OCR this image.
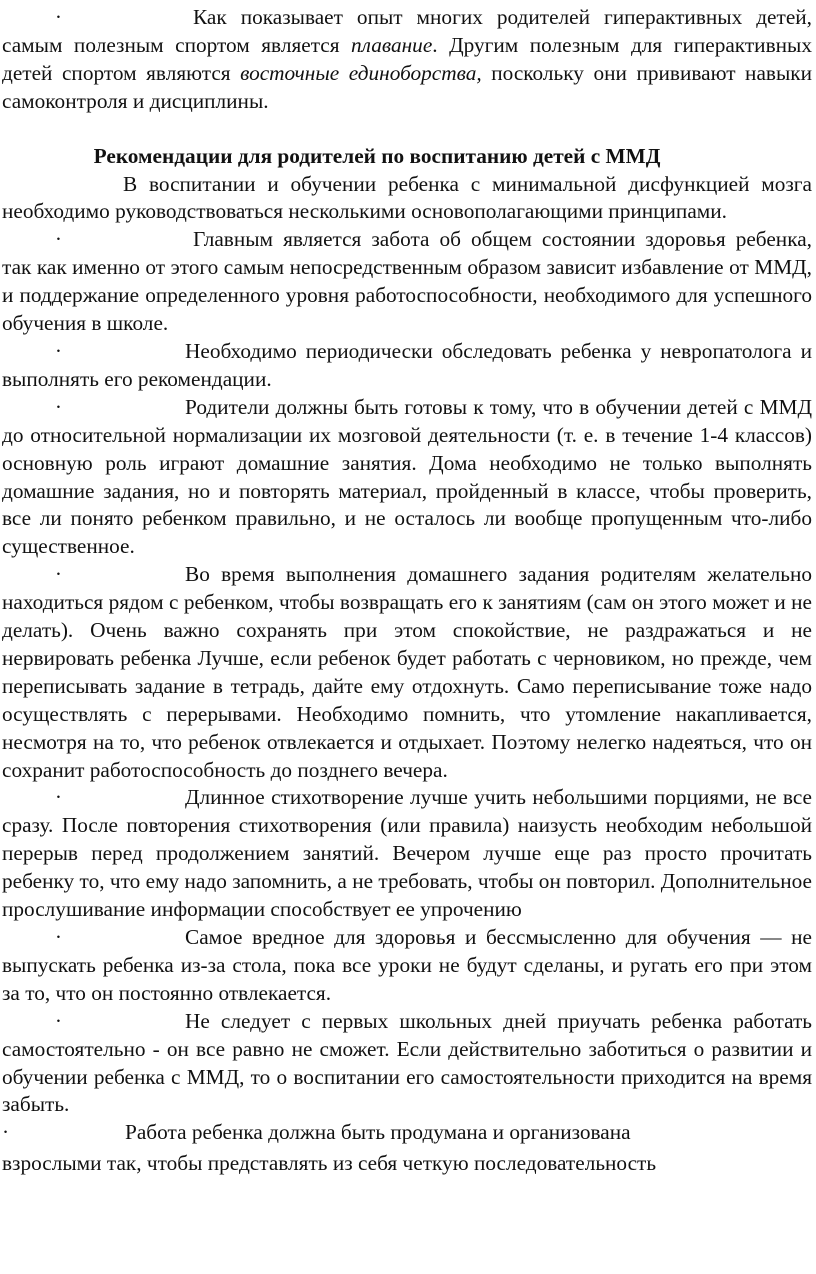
·	Как показывает опыт многих родителей гиперактивных детей, самым полезным спортом является плавание. Другим полезным для гиперактивных детей спортом являются восточные единоборства, поскольку они прививают навыки самоконтроля и дисциплины.

Рекомендации для родителей по воспитанию детей с ММД

В воспитании и обучении ребенка с минимальной дисфункцией мозга необходимо руководствоваться несколькими основополагающими принципами.

·	Главным является забота об общем состоянии здоровья ребенка, так как именно от этого самым непосредственным образом зависит избавление от ММД, и поддержание определенного уровня работоспособности, необходимого для успешного обучения в школе.

·	Необходимо периодически обследовать ребенка у невропатолога и выполнять его рекомендации.

·	Родители должны быть готовы к тому, что в обучении детей с ММД до относительной нормализации их мозговой деятельности (т. е. в течение 1-4 классов) основную роль играют домашние занятия. Дома необходимо не только выполнять домашние задания, но и повторять материал, пройденный в классе, чтобы проверить, все ли понято ребенком правильно, и не осталось ли вообще пропущенным что-либо существенное.

·	Во время выполнения домашнего задания родителям желательно находиться рядом с ребенком, чтобы возвращать его к занятиям (сам он этого может и не делать). Очень важно сохранять при этом спокойствие, не раздражаться и не нервировать ребенка Лучше, если ребенок будет работать с черновиком, но прежде, чем переписывать задание в тетрадь, дайте ему отдохнуть. Само переписывание тоже надо осуществлять с перерывами. Необходимо помнить, что утомление накапливается, несмотря на то, что ребенок отвлекается и отдыхает. Поэтому нелегко надеяться, что он сохранит работоспособность до позднего вечера.

·	Длинное стихотворение лучше учить небольшими порциями, не все сразу. После повторения стихотворения (или правила) наизусть необходим небольшой перерыв перед продолжением занятий. Вечером лучше еще раз просто прочитать ребенку то, что ему надо запомнить, а не требовать, чтобы он повторил. Дополнительное прослушивание информации способствует ее упрочению

·	Самое вредное для здоровья и бессмысленно для обучения — не выпускать ребенка из-за стола, пока все уроки не будут сделаны, и ругать его при этом за то, что он постоянно отвлекается.

·	Не следует с первых школьных дней приучать ребенка работать самостоятельно - он все равно не сможет. Если действительно заботиться о развитии и обучении ребенка с ММД, то о воспитании его самостоятельности приходится на время забыть.

·	Работа ребенка должна быть продумана и организована

взрослыми так, чтобы представлять из себя четкую последовательность
